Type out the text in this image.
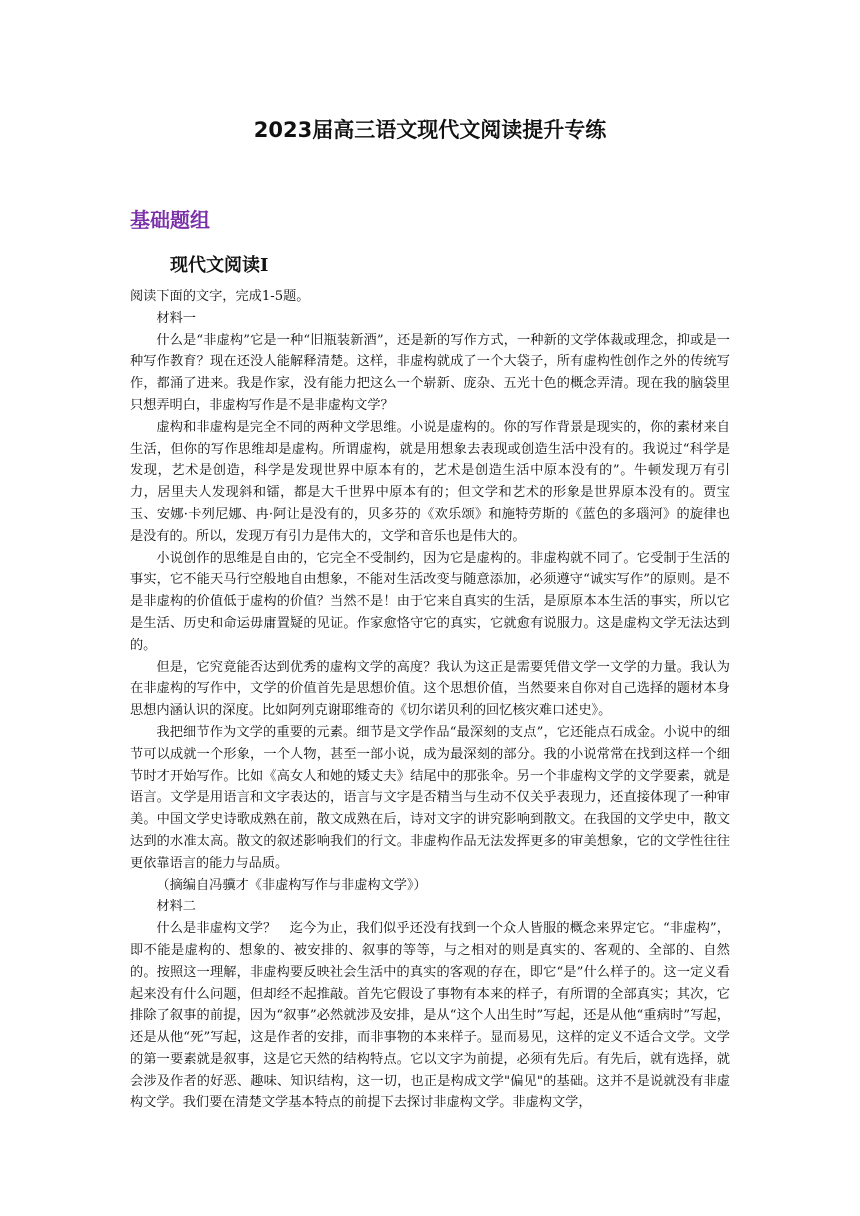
2023届高三语文现代文阅读提升专练
基础题组
现代文阅读Ⅰ

阅读下面的文字，完成1-5题。

材料一

什么是“非虚构”它是一种“旧瓶装新酒”，还是新的写作方式，一种新的文学体裁或理念，抑或是一种写作教育？现在还没人能解释清楚。这样，非虚构就成了一个大袋子，所有虚构性创作之外的传统写作，都涌了进来。我是作家，没有能力把这么一个崭新、庞杂、五光十色的概念弄清。现在我的脑袋里只想弄明白，非虚构写作是不是非虚构文学？

虚构和非虚构是完全不同的两种文学思维。小说是虚构的。你的写作背景是现实的，你的素材来自生活，但你的写作思维却是虚构。所谓虚构，就是用想象去表现或创造生活中没有的。我说过“科学是发现，艺术是创造，科学是发现世界中原本有的，艺术是创造生活中原本没有的”。牛顿发现万有引力，居里夫人发现斜和镭，都是大千世界中原本有的；但文学和艺术的形象是世界原本没有的。贾宝玉、安娜·卡列尼娜、冉·阿让是没有的，贝多芬的《欢乐颂》和施特劳斯的《蓝色的多瑙河》的旋律也是没有的。所以，发现万有引力是伟大的，文学和音乐也是伟大的。

小说创作的思维是自由的，它完全不受制约，因为它是虚构的。非虚构就不同了。它受制于生活的事实，它不能天马行空般地自由想象，不能对生活改变与随意添加，必须遵守“诚实写作”的原则。是不是非虚构的价值低于虚构的价值？当然不是！由于它来自真实的生活，是原原本本生活的事实，所以它是生活、历史和命运毋庸置疑的见证。作家愈恪守它的真实，它就愈有说服力。这是虚构文学无法达到的。

但是，它究竟能否达到优秀的虚构文学的高度？我认为这正是需要凭借文学一文学的力量。我认为在非虚构的写作中，文学的价值首先是思想价值。这个思想价值，当然要来自你对自己选择的题材本身思想内涵认识的深度。比如阿列克谢耶维奇的《切尔诺贝利的回忆核灾难口述史》。

我把细节作为文学的重要的元素。细节是文学作品“最深刻的支点”，它还能点石成金。小说中的细节可以成就一个形象，一个人物，甚至一部小说，成为最深刻的部分。我的小说常常在找到这样一个细节时才开始写作。比如《高女人和她的矮丈夫》结尾中的那张伞。另一个非虚构文学的文学要素，就是语言。文学是用语言和文字表达的，语言与文字是否精当与生动不仅关乎表现力，还直接体现了一种审美。中国文学史诗歌成熟在前，散文成熟在后，诗对文字的讲究影响到散文。在我国的文学史中，散文达到的水准太高。散文的叙述影响我们的行文。非虚构作品无法发挥更多的审美想象，它的文学性往往更依靠语言的能力与品质。

（摘编自冯骥才《非虚构写作与非虚构文学》）

材料二

什么是非虚构文学？　迄今为止，我们似乎还没有找到一个众人皆服的概念来界定它。“非虚构”，即不能是虚构的、想象的、被安排的、叙事的等等，与之相对的则是真实的、客观的、全部的、自然的。按照这一理解，非虚构要反映社会生活中的真实的客观的存在，即它“是”什么样子的。这一定义看起来没有什么问题，但却经不起推敲。首先它假设了事物有本来的样子，有所谓的全部真实；其次，它排除了叙事的前提，因为“叙事”必然就涉及安排，是从“这个人出生时”写起，还是从他“重病时”写起，还是从他“死”写起，这是作者的安排，而非事物的本来样子。显而易见，这样的定义不适合文学。文学的第一要素就是叙事，这是它天然的结构特点。它以文字为前提，必须有先后。有先后，就有选择，就会涉及作者的好恶、趣味、知识结构，这一切，也正是构成文学"偏见"的基础。这并不是说就没有非虚构文学。我们要在清楚文学基本特点的前提下去探讨非虚构文学。非虚构文学，
